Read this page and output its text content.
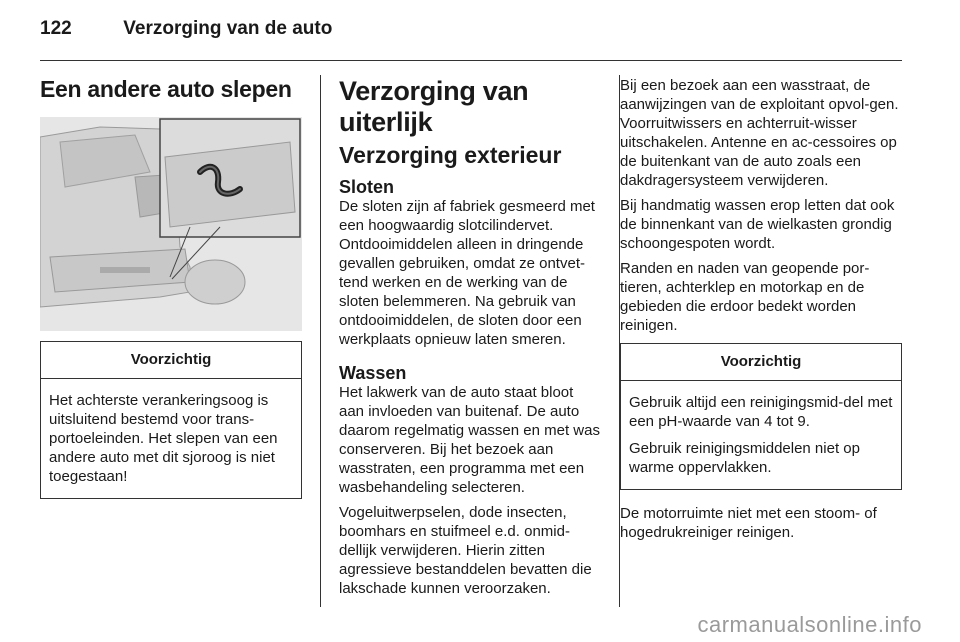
122	Verzorging van de auto
Een andere auto slepen
Voorzichtig

Het achterste verankeringsoog is uitsluitend bestemd voor trans-portoeleinden. Het slepen van een andere auto met dit sjoroog is niet toegestaan!

Verzorging van uiterlijk
Verzorging exterieur
Sloten

De sloten zijn af fabriek gesmeerd met een hoogwaardig slotcilindervet. Ontdooimiddelen alleen in dringende gevallen gebruiken, omdat ze ontvet-tend werken en de werking van de sloten belemmeren. Na gebruik van ontdooimiddelen, de sloten door een werkplaats opnieuw laten smeren.

Wassen

Het lakwerk van de auto staat bloot aan invloeden van buitenaf. De auto daarom regelmatig wassen en met was conserveren. Bij het bezoek aan wasstraten, een programma met een wasbehandeling selecteren.

Vogeluitwerpselen, dode insecten, boomhars en stuifmeel e.d. onmid-dellijk verwijderen. Hierin zitten agressieve bestanddelen bevatten die lakschade kunnen veroorzaken.

Bij een bezoek aan een wasstraat, de aanwijzingen van de exploitant opvol-gen. Voorruitwissers en achterruit-wisser uitschakelen. Antenne en ac-cessoires op de buitenkant van de auto zoals een dakdragersysteem verwijderen.

Bij handmatig wassen erop letten dat ook de binnenkant van de wielkasten grondig schoongespoten wordt.

Randen en naden van geopende por-tieren, achterklep en motorkap en de gebieden die erdoor bedekt worden reinigen.

Voorzichtig

Gebruik altijd een reinigingsmid-del met een pH-waarde van 4 tot 9.

Gebruik reinigingsmiddelen niet op warme oppervlakken.

De motorruimte niet met een stoom- of hogedrukreiniger reinigen.

carmanualsonline.info
